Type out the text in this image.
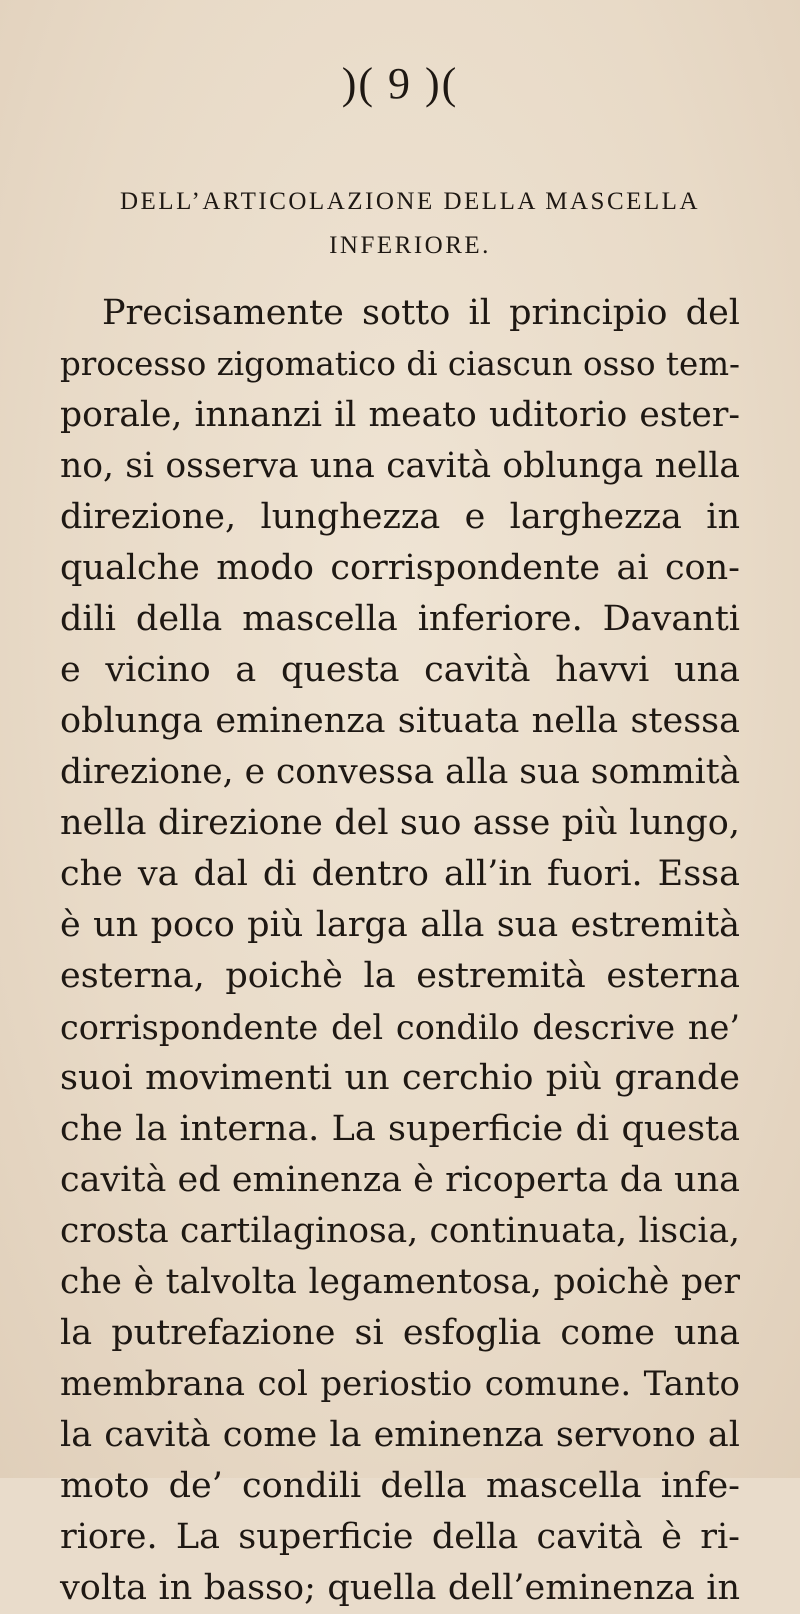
)( 9 )(
DELL’ARTICOLAZIONE DELLA MASCELLA
INFERIORE.
Precisamente sotto il principio del
processo zigomatico di ciascun osso tem-
porale, innanzi il meato uditorio ester-
no, si osserva una cavità oblunga nella
direzione, lunghezza e larghezza in
qualche modo corrispondente ai con-
dili della mascella inferiore. Davanti
e vicino a questa cavità havvi una
oblunga eminenza situata nella stessa
direzione, e convessa alla sua sommità
nella direzione del suo asse più lungo,
che va dal di dentro all’in fuori. Essa
è un poco più larga alla sua estremità
esterna, poichè la estremità esterna
corrispondente del condilo descrive ne’
suoi movimenti un cerchio più grande
che la interna. La superficie di questa
cavità ed eminenza è ricoperta da una
crosta cartilaginosa, continuata, liscia,
che è talvolta legamentosa, poichè per
la putrefazione si esfoglia come una
membrana col periostio comune. Tanto
la cavità come la eminenza servono al
moto de’ condili della mascella infe-
riore. La superficie della cavità è ri-
volta in basso; quella dell’eminenza in
